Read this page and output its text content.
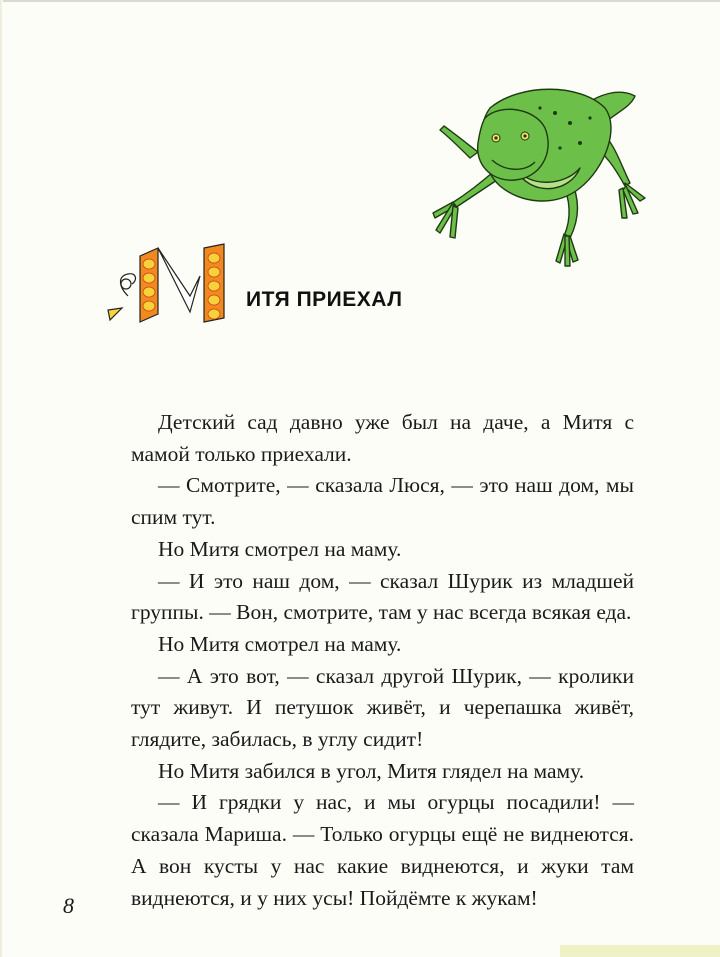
ИТЯ ПРИЕХАЛ

Детский сад давно уже был на даче, а Митя с мамой только приехали.

— Смотрите, — сказала Люся, — это наш дом, мы спим тут.

Но Митя смотрел на маму.

— И это наш дом, — сказал Шурик из младшей группы. — Вон, смотрите, там у нас всегда всякая еда.

Но Митя смотрел на маму.

— А это вот, — сказал другой Шурик, — кролики тут живут. И петушок живёт, и черепашка живёт, глядите, забилась, в углу сидит!

Но Митя забился в угол, Митя глядел на маму.

— И грядки у нас, и мы огурцы посадили! — сказала Мариша. — Только огурцы ещё не виднеются. А вон кусты у нас какие виднеются, и жуки там виднеются, и у них усы! Пойдёмте к жукам!

8
